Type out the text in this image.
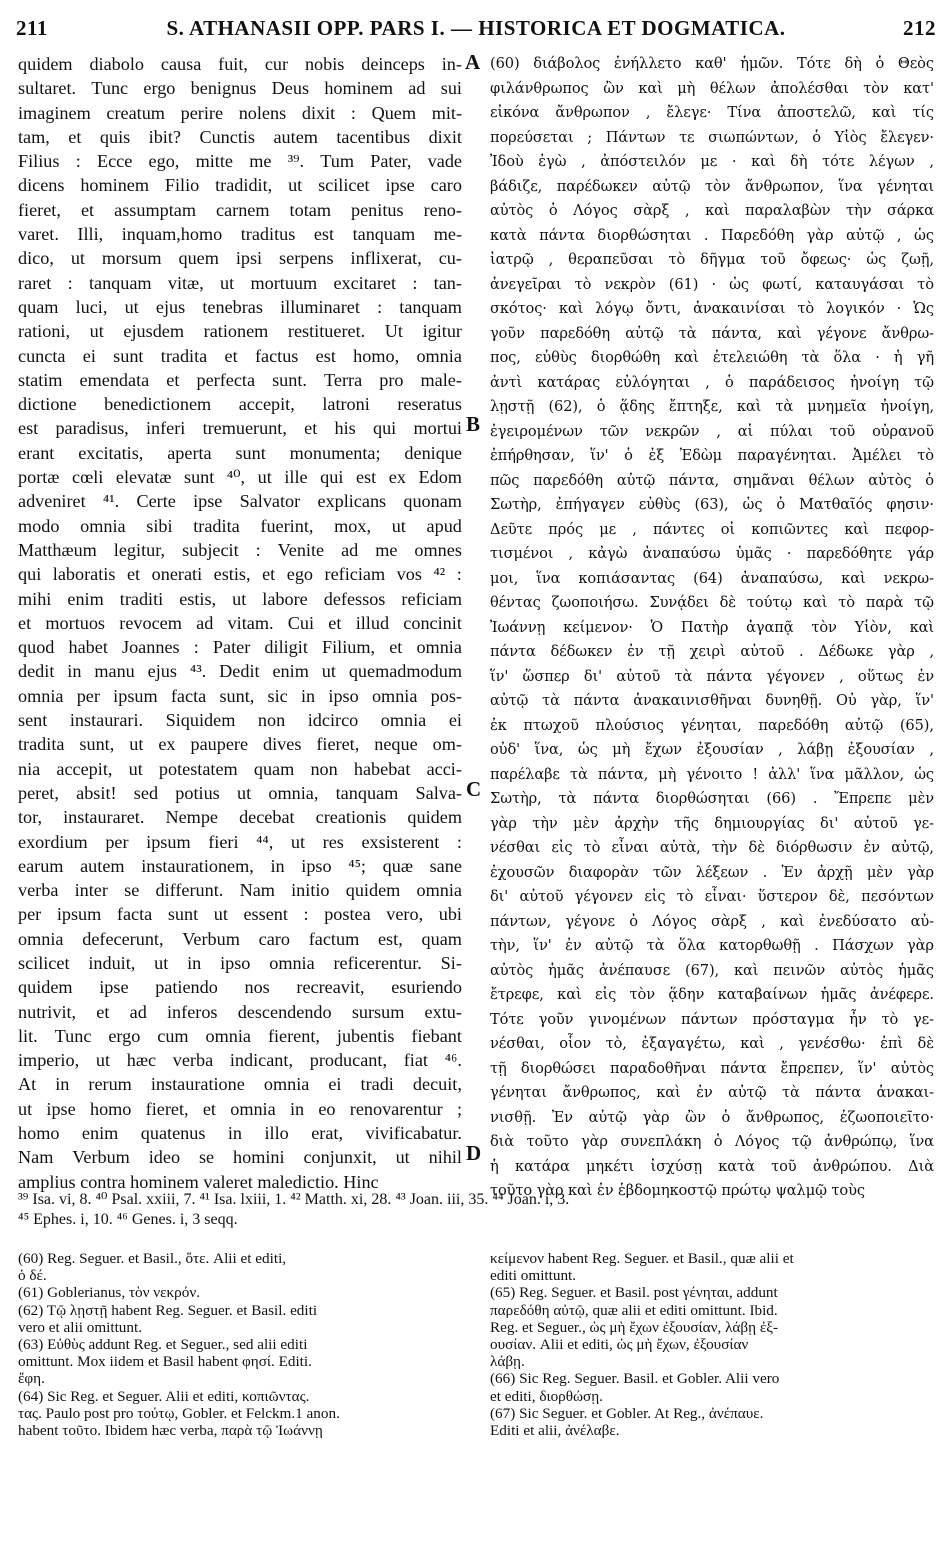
211	S. ATHANASII OPP. PARS I. — HISTORICA ET DOGMATICA.	212
quidem diabolo causa fuit, cur nobis deinceps in-
sultaret. Tunc ergo benignus Deus hominem ad sui
imaginem creatum perire nolens dixit : Quem mit-
tam, et quis ibit? Cunctis autem tacentibus dixit
Filius : Ecce ego, mitte me ³⁹. Tum Pater, vade
dicens hominem Filio tradidit, ut scilicet ipse caro
fieret, et assumptam carnem totam penitus reno-
varet. Illi, inquam,homo traditus est tanquam me-
dico, ut morsum quem ipsi serpens inflixerat, cu-
raret : tanquam vitæ, ut mortuum excitaret : tan-
quam luci, ut ejus tenebras illuminaret : tanquam
rationi, ut ejusdem rationem restitueret. Ut igitur
cuncta ei sunt tradita et factus est homo, omnia
statim emendata et perfecta sunt. Terra pro male-
dictione benedictionem accepit, latroni reseratus
est paradisus, inferi tremuerunt, et his qui mortui
erant excitatis, aperta sunt monumenta; denique
portæ cœli elevatæ sunt ⁴⁰, ut ille qui est ex Edom
adveniret ⁴¹. Certe ipse Salvator explicans quonam
modo omnia sibi tradita fuerint, mox, ut apud
Matthæum legitur, subjecit : Venite ad me omnes
qui laboratis et onerati estis, et ego reficiam vos ⁴² :
mihi enim traditi estis, ut labore defessos reficiam
et mortuos revocem ad vitam. Cui et illud concinit
quod habet Joannes : Pater diligit Filium, et omnia
dedit in manu ejus ⁴³. Dedit enim ut quemadmodum
omnia per ipsum facta sunt, sic in ipso omnia pos-
sent instaurari. Siquidem non idcirco omnia ei
tradita sunt, ut ex paupere dives fieret, neque om-
nia accepit, ut potestatem quam non habebat acci-
peret, absit! sed potius ut omnia, tanquam Salva-
tor, instauraret. Nempe decebat creationis quidem
exordium per ipsum fieri ⁴⁴, ut res exsisterent :
earum autem instaurationem, in ipso ⁴⁵; quæ sane
verba inter se differunt. Nam initio quidem omnia
per ipsum facta sunt ut essent : postea vero, ubi
omnia defecerunt, Verbum caro factum est, quam
scilicet induit, ut in ipso omnia reficerentur. Si-
quidem ipse patiendo nos recreavit, esuriendo
nutrivit, et ad inferos descendendo sursum extu-
lit. Tunc ergo cum omnia fierent, jubentis fiebant
imperio, ut hæc verba indicant, producant, fiat ⁴⁶.
At in rerum instauratione omnia ei tradi decuit,
ut ipse homo fieret, et omnia in eo renovarentur ;
homo enim quatenus in illo erat, vivificabatur.
Nam Verbum ideo se homini conjunxit, ut nihil
amplius contra hominem valeret maledictio. Hinc
(60) διάβολος ἐνήλλετο καθ' ἡμῶν. Τότε δὴ ὁ Θεὸς
φιλάνθρωπος ὢν καὶ μὴ θέλων ἀπολέσθαι τὸν κατ'
εἰκόνα ἄνθρωπον , ἔλεγε· Τίνα ἀποστελῶ, καὶ τίς
πορεύσεται ; Πάντων τε σιωπώντων, ὁ Υἱὸς ἔλεγεν·
Ἰδοὺ ἐγὼ , ἀπόστειλόν με · καὶ δὴ τότε λέγων ,
βάδιζε, παρέδωκεν αὐτῷ τὸν ἄνθρωπον, ἵνα γένηται
αὐτὸς ὁ Λόγος σὰρξ , καὶ παραλαβὼν τὴν σάρκα
κατὰ πάντα διορθώσηται . Παρεδόθη γὰρ αὐτῷ , ὡς
ἰατρῷ , θεραπεῦσαι τὸ δῆγμα τοῦ ὄφεως· ὡς ζωῇ,
ἀνεγεῖραι τὸ νεκρὸν (61) · ὡς φωτί, καταυγάσαι τὸ
σκότος· καὶ λόγῳ ὄντι, ἀνακαινίσαι τὸ λογικόν · Ὡς
γοῦν παρεδόθη αὐτῷ τὰ πάντα, καὶ γέγονε ἄνθρω-
πος, εὐθὺς διορθώθη καὶ ἐτελειώθη τὰ ὅλα · ἡ γῆ
ἀντὶ κατάρας εὐλόγηται , ὁ παράδεισος ἠνοίγη τῷ
λῃστῇ (62), ὁ ᾅδης ἔπτηξε, καὶ τὰ μνημεῖα ἠνοίγη,
ἐγειρομένων τῶν νεκρῶν , αἱ πύλαι τοῦ οὐρανοῦ
ἐπήρθησαν, ἵν' ὁ ἐξ Ἐδὼμ παραγένηται. Ἀμέλει τὸ
πῶς παρεδόθη αὐτῷ πάντα, σημᾶναι θέλων αὐτὸς ὁ
Σωτὴρ, ἐπήγαγεν εὐθὺς (63), ὡς ὁ Ματθαῖός φησιν·
Δεῦτε πρός με , πάντες οἱ κοπιῶντες καὶ πεφορ-
τισμένοι , κἀγὼ ἀναπαύσω ὑμᾶς · παρεδόθητε γάρ
μοι, ἵνα κοπιάσαντας (64) ἀναπαύσω, καὶ νεκρω-
θέντας ζωοποιήσω. Συνᾴδει δὲ τούτῳ καὶ τὸ παρὰ τῷ
Ἰωάννῃ κείμενον· Ὁ Πατὴρ ἀγαπᾷ τὸν Υἱὸν, καὶ
πάντα δέδωκεν ἐν τῇ χειρὶ αὐτοῦ . Δέδωκε γὰρ ,
ἵν' ὥσπερ δι' αὐτοῦ τὰ πάντα γέγονεν , οὕτως ἐν
αὐτῷ τὰ πάντα ἀνακαινισθῆναι δυνηθῇ. Οὐ γὰρ, ἵν'
ἐκ πτωχοῦ πλούσιος γένηται, παρεδόθη αὐτῷ (65),
οὐδ' ἵνα, ὡς μὴ ἔχων ἐξουσίαν , λάβῃ ἐξουσίαν ,
παρέλαβε τὰ πάντα, μὴ γένοιτο ! ἀλλ' ἵνα μᾶλλον, ὡς
Σωτὴρ, τὰ πάντα διορθώσηται (66) . Ἔπρεπε μὲν
γὰρ τὴν μὲν ἀρχὴν τῆς δημιουργίας δι' αὐτοῦ γε-
νέσθαι εἰς τὸ εἶναι αὐτὰ, τὴν δὲ διόρθωσιν ἐν αὐτῷ,
ἐχουσῶν διαφορὰν τῶν λέξεων . Ἐν ἀρχῇ μὲν γὰρ
δι' αὐτοῦ γέγονεν εἰς τὸ εἶναι· ὕστερον δὲ, πεσόντων
πάντων, γέγονε ὁ Λόγος σὰρξ , καὶ ἐνεδύσατο αὐ-
τὴν, ἵν' ἐν αὐτῷ τὰ ὅλα κατορθωθῇ . Πάσχων γὰρ
αὐτὸς ἡμᾶς ἀνέπαυσε (67), καὶ πεινῶν αὐτὸς ἡμᾶς
ἔτρεφε, καὶ εἰς τὸν ᾅδην καταβαίνων ἡμᾶς ἀνέφερε.
Τότε γοῦν γινομένων πάντων πρόσταγμα ἦν τὸ γε-
νέσθαι, οἷον τὸ, ἐξαγαγέτω, καὶ , γενέσθω· ἐπὶ δὲ
τῇ διορθώσει παραδοθῆναι πάντα ἔπρεπεν, ἵν' αὐτὸς
γένηται ἄνθρωπος, καὶ ἐν αὐτῷ τὰ πάντα ἀνακαι-
νισθῇ. Ἐν αὐτῷ γὰρ ὢν ὁ ἄνθρωπος, ἐζωοποιεῖτο·
διὰ τοῦτο γὰρ συνεπλάκη ὁ Λόγος τῷ ἀνθρώπῳ, ἵνα
ἡ κατάρα μηκέτι ἰσχύσῃ κατὰ τοῦ ἀνθρώπου. Διὰ
τοῦτο γὰρ καὶ ἐν ἑβδομηκοστῷ πρώτῳ ψαλμῷ τοὺς
A
B
C
D
³⁹ Isa. vi, 8. ⁴⁰ Psal. xxiii, 7. ⁴¹ Isa. lxiii, 1. ⁴² Matth. xi, 28. ⁴³ Joan. iii, 35. ⁴⁴ Joan. i, 3.
⁴⁵ Ephes. i, 10. ⁴⁶ Genes. i, 3 seqq.
(60) Reg. Seguer. et Basil., ὅτε. Alii et editi,
ὁ δέ.
(61) Goblerianus, τὸν νεκρόν.
(62) Τῷ λῃστῇ habent Reg. Seguer. et Basil. editi
vero et alii omittunt.
(63) Εὐθὺς addunt Reg. et Seguer., sed alii editi
omittunt. Mox iidem et Basil habent φησί. Editi.
ἔφη.
(64) Sic Reg. et Seguer. Alii et editi, κοπιῶντας.
τας. Paulo post pro τούτῳ, Gobler. et Felckm.1 anon.
habent τοῦτο. Ibidem hæc verba, παρὰ τῷ Ἰωάννῃ
κείμενον habent Reg. Seguer. et Basil., quæ alii et
editi omittunt.
(65) Reg. Seguer. et Basil. post γένηται, addunt
παρεδόθη αὐτῷ, quæ alii et editi omittunt. Ibid.
Reg. et Seguer., ὡς μὴ ἔχων ἐξουσίαν, λάβῃ ἐξ-
ουσίαν. Alii et editi, ὡς μὴ ἔχων, ἐξουσίαν
λάβῃ.
(66) Sic Reg. Seguer. Basil. et Gobler. Alii vero
et editi, διορθώσῃ.
(67) Sic Seguer. et Gobler. At Reg., ἀνέπαυε.
Editi et alii, ἀνέλαβε.
